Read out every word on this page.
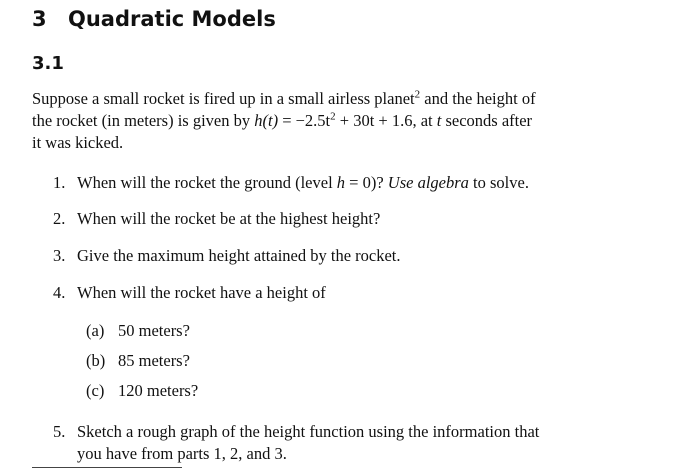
3 Quadratic Models
3.1
Suppose a small rocket is fired up in a small airless planet$^2$ and the height of
the rocket (in meters) is given by $h(t) = -2.5t^2 + 30t + 1.6$, at t seconds after
it was kicked.
1. When will the rocket the ground (level h = 0)? Use algebra to solve.
2. When will the rocket be at the highest height?
3. Give the maximum height attained by the rocket.
4. When will the rocket have a height of
(a) 50 meters?
(b) 85 meters?
(c) 120 meters?
5. Sketch a rough graph of the height function using the information that
you have from parts 1, 2, and 3.
